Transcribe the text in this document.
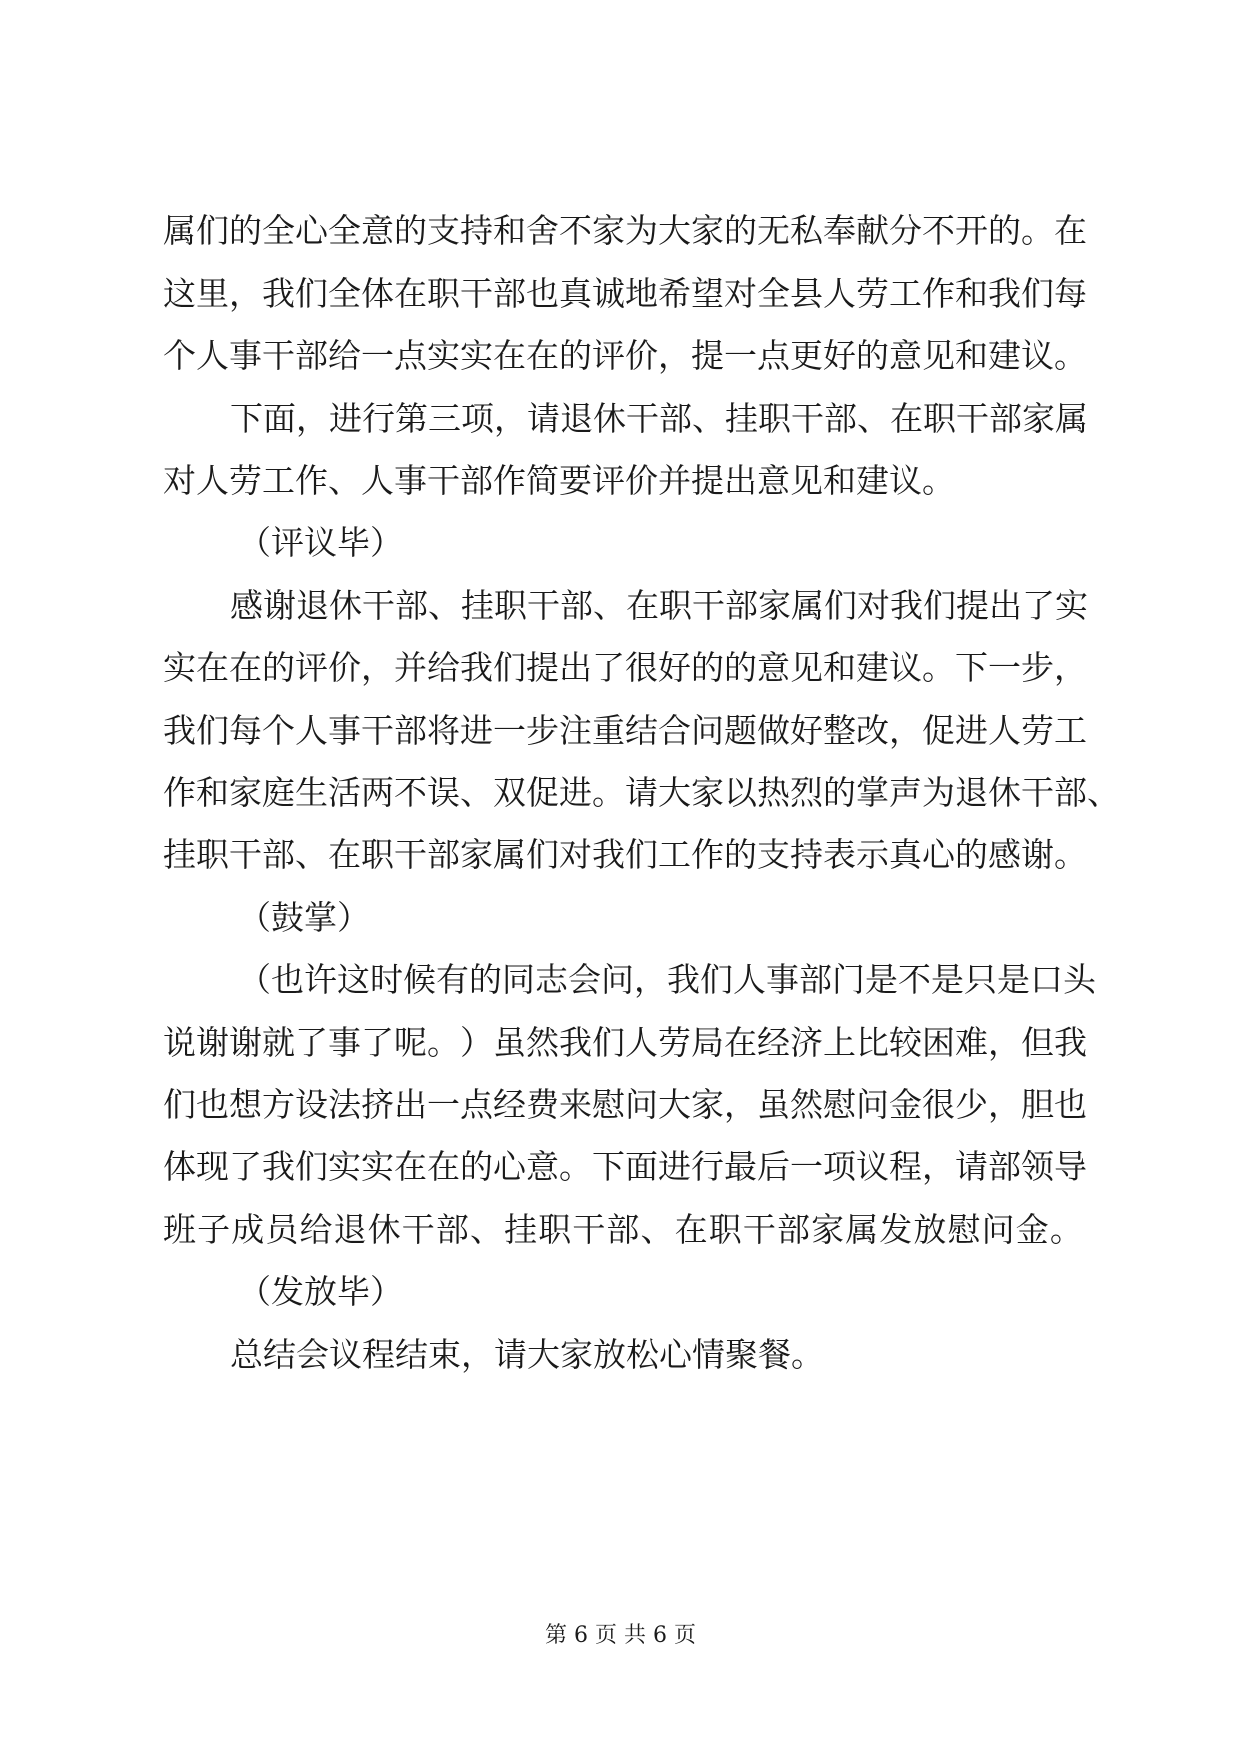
属 们 的 全 心 全 意 的 支 持 和 舍 不 家 为 大 家 的 无 私 奉 献 分 不 开 的 。 在
这 里 ， 我 们 全 体 在 职 干 部 也 真 诚 地 希 望 对 全 县 人 劳 工 作 和 我 们 每
个 人 事 干 部 给 一 点 实 实 在 在 的 评 价 ， 提 一 点 更 好 的 意 见 和 建 议 。
下 面 ， 进 行 第 三 项 ， 请 退 休 干 部 、 挂 职 干 部 、 在 职 干 部 家 属
对人劳工作、人事干部作简要评价并提出意见和建议。
（评议毕）
感 谢 退 休 干 部 、 挂 职 干 部 、 在 职 干 部 家 属 们 对 我 们 提 出 了 实
实 在 在 的 评 价 ， 并 给 我 们 提 出 了 很 好 的 的 意 见 和 建 议 。 下 一 步 ，
我 们 每 个 人 事 干 部 将 进 一 步 注 重 结 合 问 题 做 好 整 改 ， 促 进 人 劳 工
作 和 家 庭 生 活 两 不 误 、 双 促 进 。 请 大 家 以 热 烈 的 掌 声 为 退 休 干 部 、
挂 职 干 部 、 在 职 干 部 家 属 们 对 我 们 工 作 的 支 持 表 示 真 心 的 感 谢 。
（鼓掌）
（ 也 许 这 时 候 有 的 同 志 会 问 ， 我 们 人 事 部 门 是 不 是 只 是 口 头
说 谢 谢 就 了 事 了 呢 。 ） 虽 然 我 们 人 劳 局 在 经 济 上 比 较 困 难 ， 但 我
们 也 想 方 设 法 挤 出 一 点 经 费 来 慰 问 大 家 ， 虽 然 慰 问 金 很 少 ， 胆 也
体 现 了 我 们 实 实 在 在 的 心 意 。 下 面 进 行 最 后 一 项 议 程 ， 请 部 领 导
班 子 成 员 给 退 休 干 部 、 挂 职 干 部 、 在 职 干 部 家 属 发 放 慰 问 金 。
（发放毕）
总结会议程结束，请大家放松心情聚餐。
第 6 页 共 6 页
